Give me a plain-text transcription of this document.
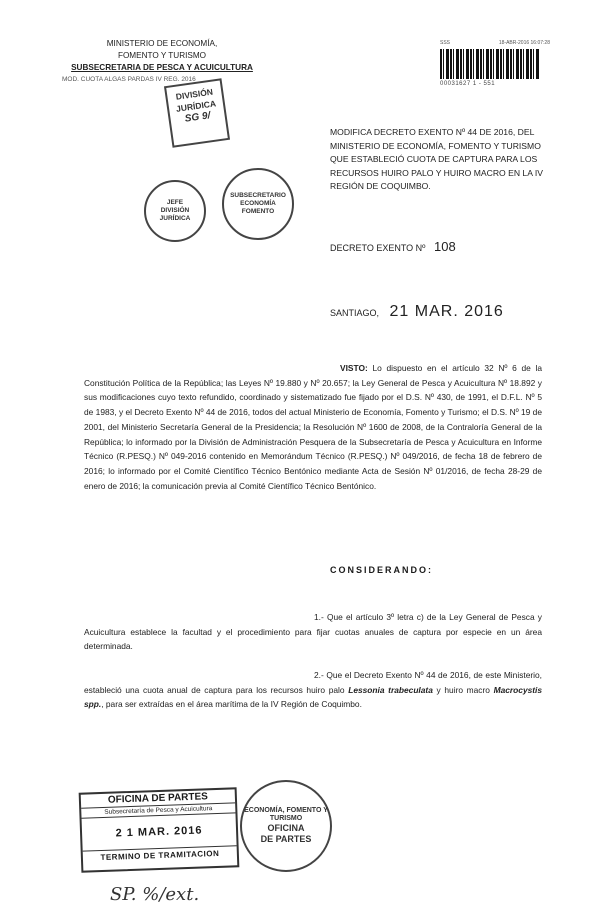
MINISTERIO DE ECONOMÍA,
FOMENTO Y TURISMO
SUBSECRETARIA DE PESCA Y ACUICULTURA
MOD. CUOTA ALGAS PARDAS IV REG. 2016
SSS	18-ABR-2016 16:07:28
00031627 1 - 551
DIVISIÓN
JURÍDICA
SG 9/
JEFE
DIVISIÓN
JURÍDICA
SUBSECRETARIO
ECONOMÍA FOMENTO
MODIFICA DECRETO EXENTO Nº 44 DE 2016, DEL MINISTERIO DE ECONOMÍA, FOMENTO Y TURISMO QUE ESTABLECIÓ CUOTA DE CAPTURA PARA LOS RECURSOS HUIRO PALO Y HUIRO MACRO EN LA IV REGIÓN DE COQUIMBO.
DECRETO EXENTO Nº 108
SANTIAGO, 21 MAR. 2016
VISTO: Lo dispuesto en el artículo 32 Nº 6 de la Constitución Política de la República; las Leyes Nº 19.880 y Nº 20.657; la Ley General de Pesca y Acuicultura Nº 18.892 y sus modificaciones cuyo texto refundido, coordinado y sistematizado fue fijado por el D.S. Nº 430, de 1991, el D.F.L. Nº 5 de 1983, y el Decreto Exento Nº 44 de 2016, todos del actual Ministerio de Economía, Fomento y Turismo; el D.S. Nº 19 de 2001, del Ministerio Secretaría General de la Presidencia; la Resolución Nº 1600 de 2008, de la Contraloría General de la República; lo informado por la División de Administración Pesquera de la Subsecretaría de Pesca y Acuicultura en Informe Técnico (R.PESQ.) Nº 049-2016 contenido en Memorándum Técnico (R.PESQ.) Nº 049/2016, de fecha 18 de febrero de 2016; lo informado por el Comité Científico Técnico Bentónico mediante Acta de Sesión Nº 01/2016, de fecha 28-29 de enero de 2016; la comunicación previa al Comité Científico Técnico Bentónico.
CONSIDERANDO:
1.- Que el artículo 3º letra c) de la Ley General de Pesca y Acuicultura establece la facultad y el procedimiento para fijar cuotas anuales de captura por especie en un área determinada.
2.- Que el Decreto Exento Nº 44 de 2016, de este Ministerio, estableció una cuota anual de captura para los recursos huiro palo Lessonia trabeculata y huiro macro Macrocystis spp., para ser extraídas en el área marítima de la IV Región de Coquimbo.
OFICINA DE PARTES
Subsecretaría de Pesca y Acuicultura
2 1 MAR. 2016
TERMINO DE TRAMITACION
ECONOMÍA, FOMENTO Y TURISMO
OFICINA
DE PARTES
SP. %/ext.
